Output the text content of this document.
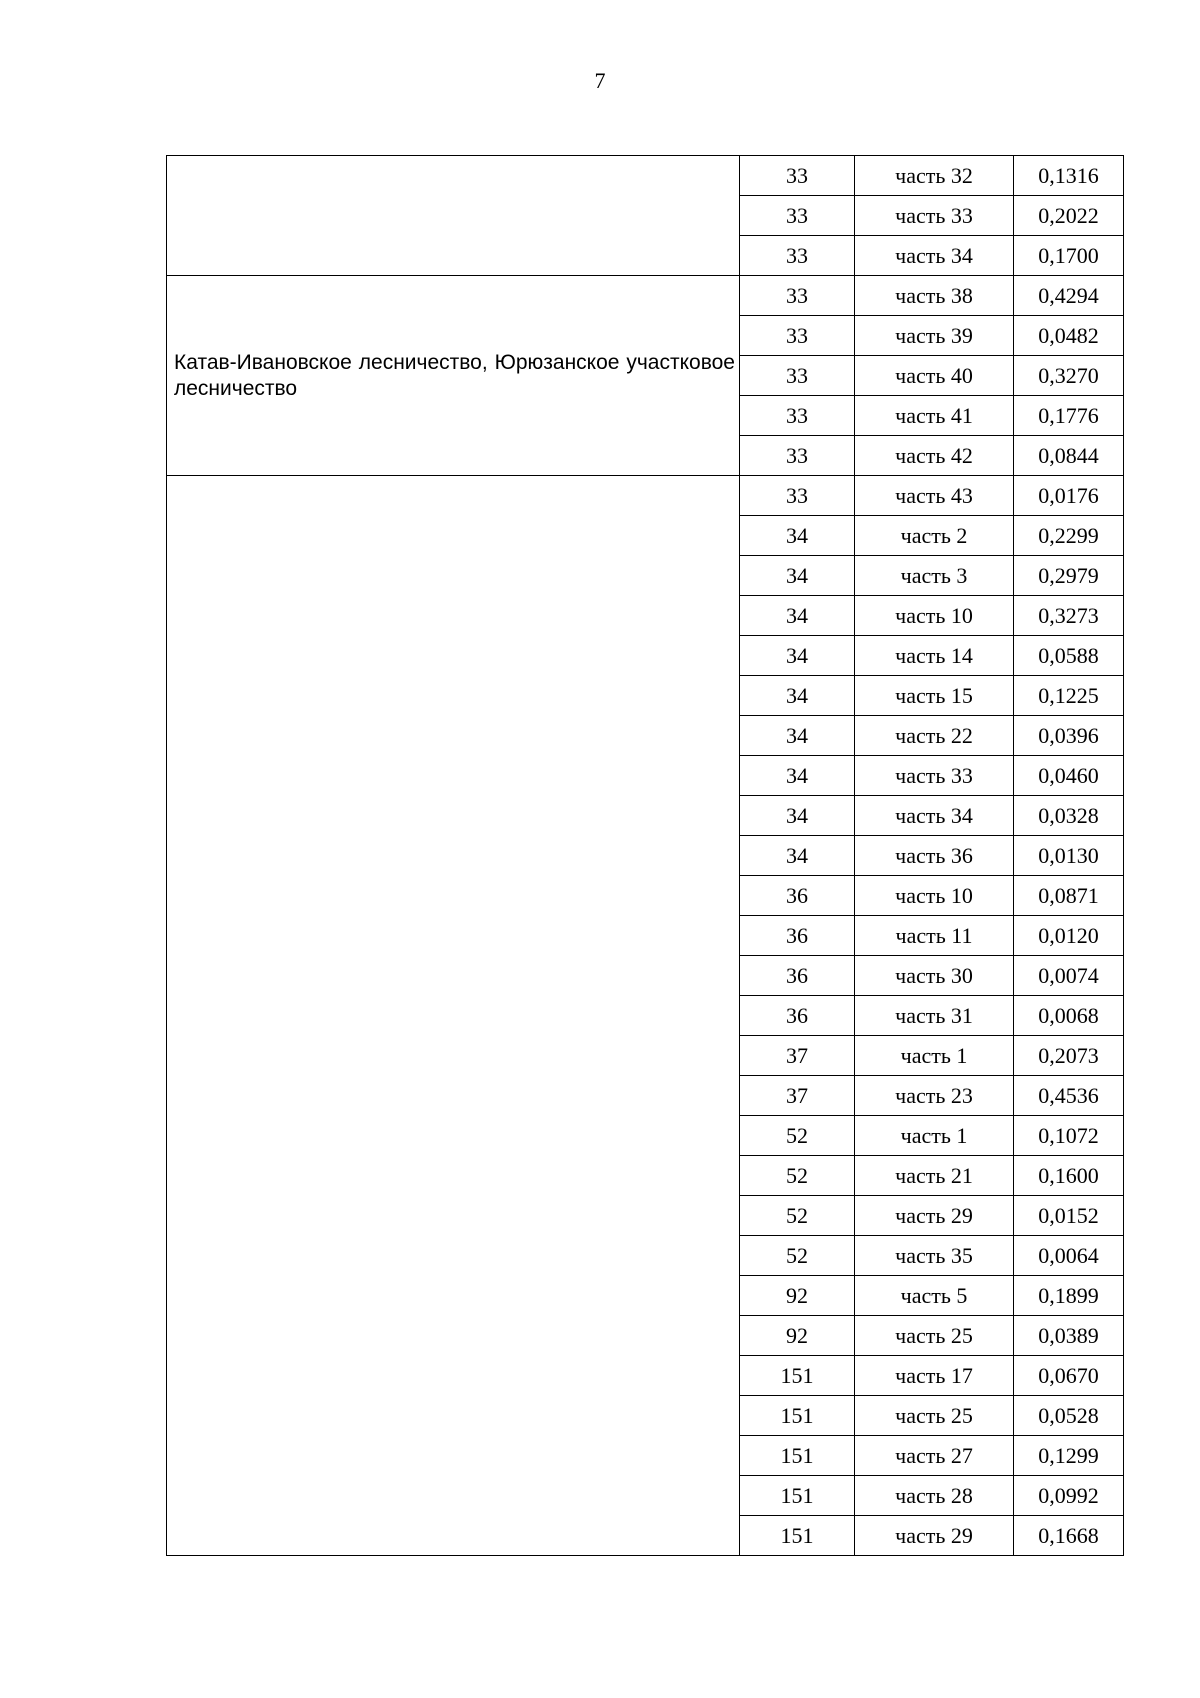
7
	33	часть 32	0,1316
	33	часть 33	0,2022
	33	часть 34	0,1700
Катав-Ивановское лесничество, Юрюзанское участковое лесничество	33	часть 38	0,4294
	33	часть 39	0,0482
	33	часть 40	0,3270
	33	часть 41	0,1776
	33	часть 42	0,0844
	33	часть 43	0,0176
	34	часть 2	0,2299
	34	часть 3	0,2979
	34	часть 10	0,3273
	34	часть 14	0,0588
	34	часть 15	0,1225
	34	часть 22	0,0396
	34	часть 33	0,0460
	34	часть 34	0,0328
	34	часть 36	0,0130
	36	часть 10	0,0871
	36	часть 11	0,0120
	36	часть 30	0,0074
	36	часть 31	0,0068
	37	часть 1	0,2073
	37	часть 23	0,4536
	52	часть 1	0,1072
	52	часть 21	0,1600
	52	часть 29	0,0152
	52	часть 35	0,0064
	92	часть 5	0,1899
	92	часть 25	0,0389
	151	часть 17	0,0670
	151	часть 25	0,0528
	151	часть 27	0,1299
	151	часть 28	0,0992
	151	часть 29	0,1668
